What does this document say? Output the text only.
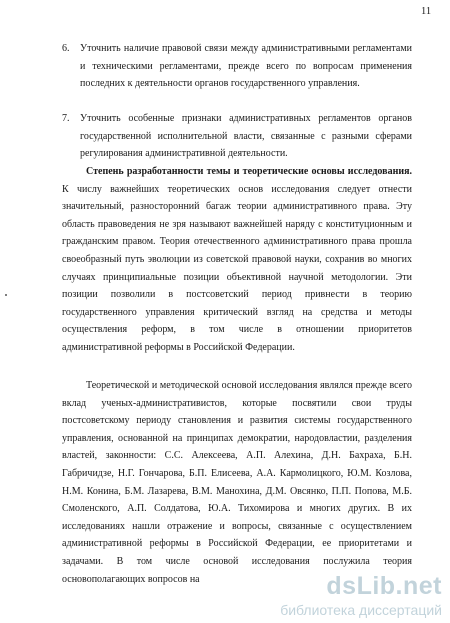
11
6. Уточнить наличие правовой связи между административными регламентами и техническими регламентами, прежде всего по вопросам применения последних к деятельности органов государственного управления.
7. Уточнить особенные признаки административных регламентов органов государственной исполнительной власти, связанные с разными сферами регулирования административной деятельности.

Степень разработанности темы и теоретические основы исследования. К числу важнейших теоретических основ исследования следует отнести значительный, разносторонний багаж теории административного права. Эту область правоведения не зря называют важнейшей наряду с конституционным и гражданским правом. Теория отечественного административного права прошла своеобразный путь эволюции из советской правовой науки, сохранив во многих случаях принципиальные позиции объективной научной методологии. Эти позиции позволили в постсоветский период привнести в теорию государственного управления критический взгляд на средства и методы осуществления реформ, в том числе в отношении приоритетов административной реформы в Российской Федерации.

Теоретической и методической основой исследования являлся прежде всего вклад ученых-административистов, которые посвятили свои труды постсоветскому периоду становления и развития системы государственного управления, основанной на принципах демократии, народовластии, разделения властей, законности: С.С. Алексеева, А.П. Алехина, Д.Н. Бахраха, Б.Н. Габричидзе, Н.Г. Гончарова, Б.П. Елисеева, А.А. Кармолицкого, Ю.М. Козлова, Н.М. Конина, Б.М. Лазарева, В.М. Манохина, Д.М. Овсянко, П.П. Попова, М.Б. Смоленского, А.П. Солдатова, Ю.А. Тихомирова и многих других. В их исследованиях нашли отражение и вопросы, связанные с осуществлением административной реформы в Российской Федерации, ее приоритетами и задачами. В том числе основой исследования послужила теория основополагающих вопросов на	dsLib.net
библиотека диссертаций
